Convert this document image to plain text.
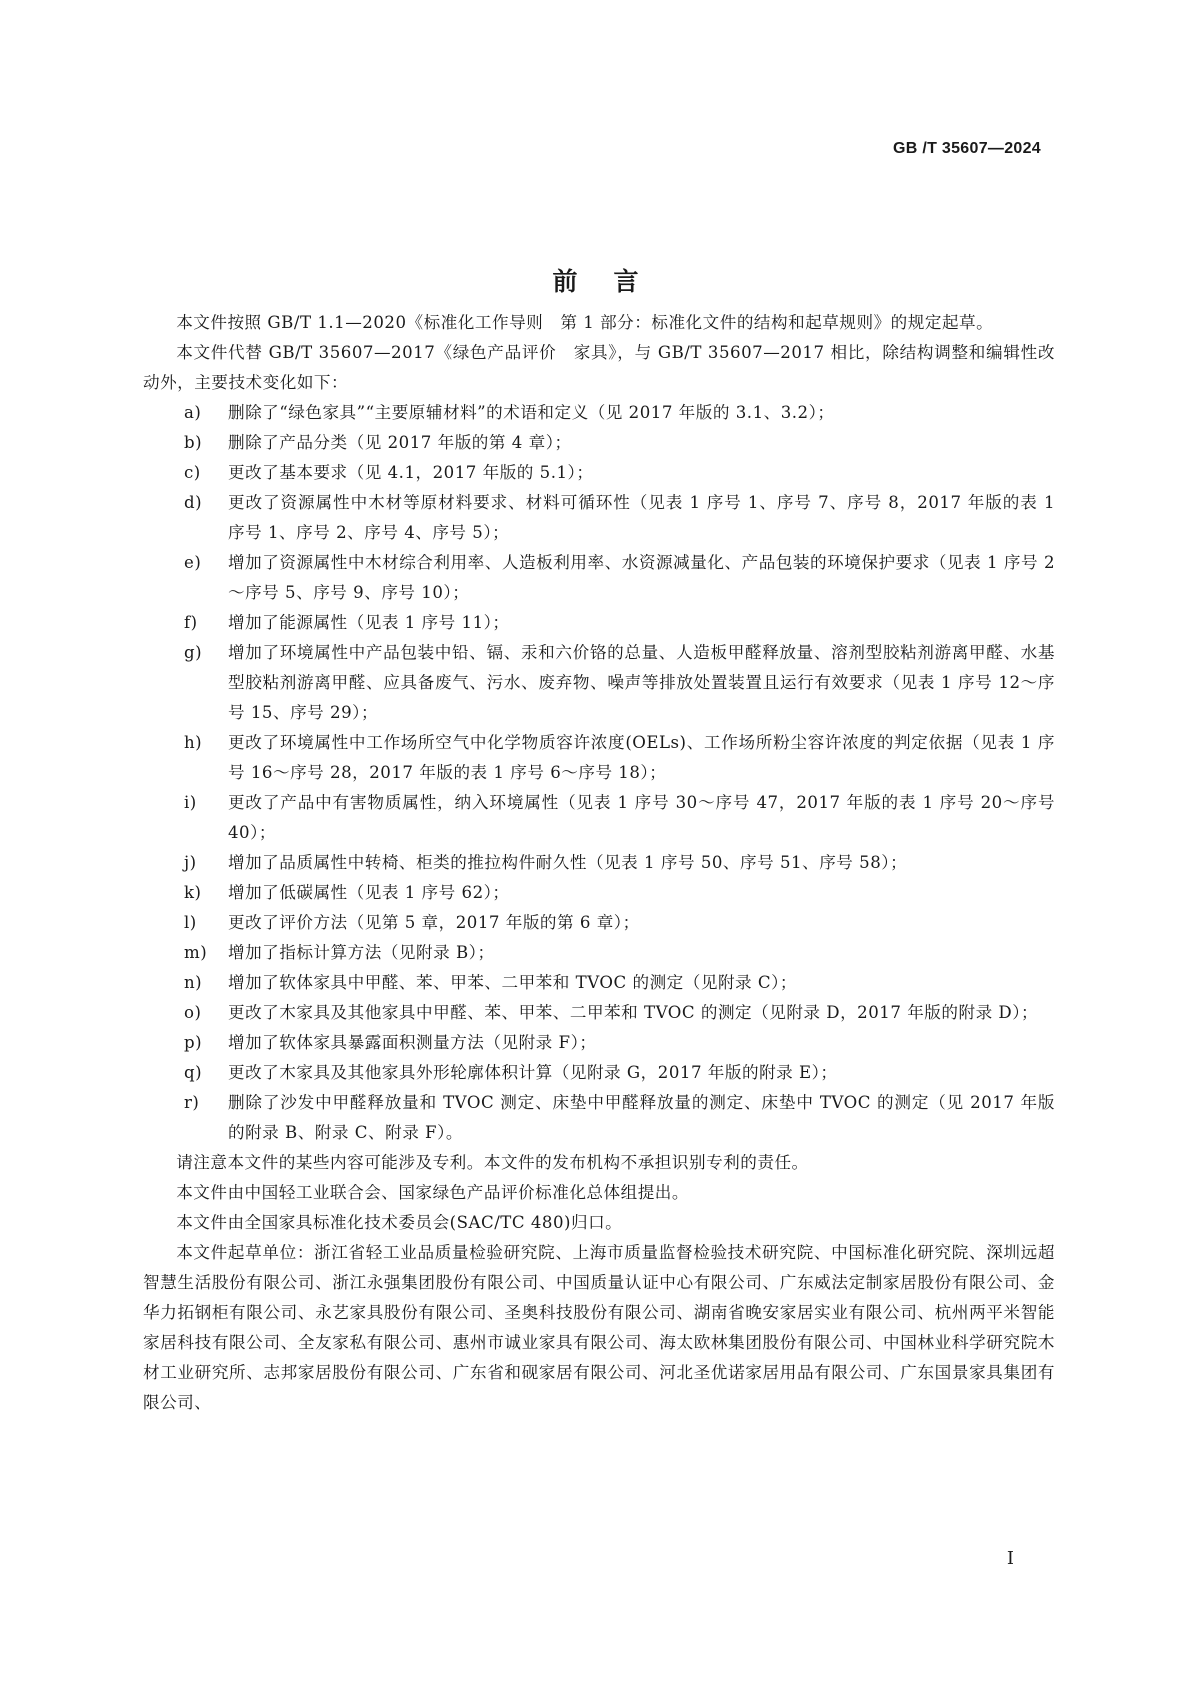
GB /T 35607—2024
前言

本文件按照 GB/T 1.1—2020《标准化工作导则　第 1 部分：标准化文件的结构和起草规则》的规定起草。

本文件代替 GB/T 35607—2017《绿色产品评价　家具》，与 GB/T 35607—2017 相比，除结构调整和编辑性改动外，主要技术变化如下：

a)	删除了“绿色家具”“主要原辅材料”的术语和定义（见 2017 年版的 3.1、3.2）；
b)	删除了产品分类（见 2017 年版的第 4 章）；
c)	更改了基本要求（见 4.1，2017 年版的 5.1）；
d)	更改了资源属性中木材等原材料要求、材料可循环性（见表 1 序号 1、序号 7、序号 8，2017 年版的表 1 序号 1、序号 2、序号 4、序号 5）；
e)	增加了资源属性中木材综合利用率、人造板利用率、水资源减量化、产品包装的环境保护要求（见表 1 序号 2～序号 5、序号 9、序号 10）；
f)	增加了能源属性（见表 1 序号 11）；
g)	增加了环境属性中产品包装中铅、镉、汞和六价铬的总量、人造板甲醛释放量、溶剂型胶粘剂游离甲醛、水基型胶粘剂游离甲醛、应具备废气、污水、废弃物、噪声等排放处置装置且运行有效要求（见表 1 序号 12～序号 15、序号 29）；
h)	更改了环境属性中工作场所空气中化学物质容许浓度(OELs)、工作场所粉尘容许浓度的判定依据（见表 1 序号 16～序号 28，2017 年版的表 1 序号 6～序号 18）；
i)	更改了产品中有害物质属性，纳入环境属性（见表 1 序号 30～序号 47，2017 年版的表 1 序号 20～序号 40）；
j)	增加了品质属性中转椅、柜类的推拉构件耐久性（见表 1 序号 50、序号 51、序号 58）；
k)	增加了低碳属性（见表 1 序号 62）；
l)	更改了评价方法（见第 5 章，2017 年版的第 6 章）；
m)	增加了指标计算方法（见附录 B）；
n)	增加了软体家具中甲醛、苯、甲苯、二甲苯和 TVOC 的测定（见附录 C）；
o)	更改了木家具及其他家具中甲醛、苯、甲苯、二甲苯和 TVOC 的测定（见附录 D，2017 年版的附录 D）；
p)	增加了软体家具暴露面积测量方法（见附录 F）；
q)	更改了木家具及其他家具外形轮廓体积计算（见附录 G，2017 年版的附录 E）；
r)	删除了沙发中甲醛释放量和 TVOC 测定、床垫中甲醛释放量的测定、床垫中 TVOC 的测定（见 2017 年版的附录 B、附录 C、附录 F）。

请注意本文件的某些内容可能涉及专利。本文件的发布机构不承担识别专利的责任。

本文件由中国轻工业联合会、国家绿色产品评价标准化总体组提出。

本文件由全国家具标准化技术委员会(SAC/TC 480)归口。

本文件起草单位：浙江省轻工业品质量检验研究院、上海市质量监督检验技术研究院、中国标准化研究院、深圳远超智慧生活股份有限公司、浙江永强集团股份有限公司、中国质量认证中心有限公司、广东威法定制家居股份有限公司、金华力拓钢柜有限公司、永艺家具股份有限公司、圣奥科技股份有限公司、湖南省晚安家居实业有限公司、杭州两平米智能家居科技有限公司、全友家私有限公司、惠州市诚业家具有限公司、海太欧林集团股份有限公司、中国林业科学研究院木材工业研究所、志邦家居股份有限公司、广东省和砚家居有限公司、河北圣优诺家居用品有限公司、广东国景家具集团有限公司、

I
